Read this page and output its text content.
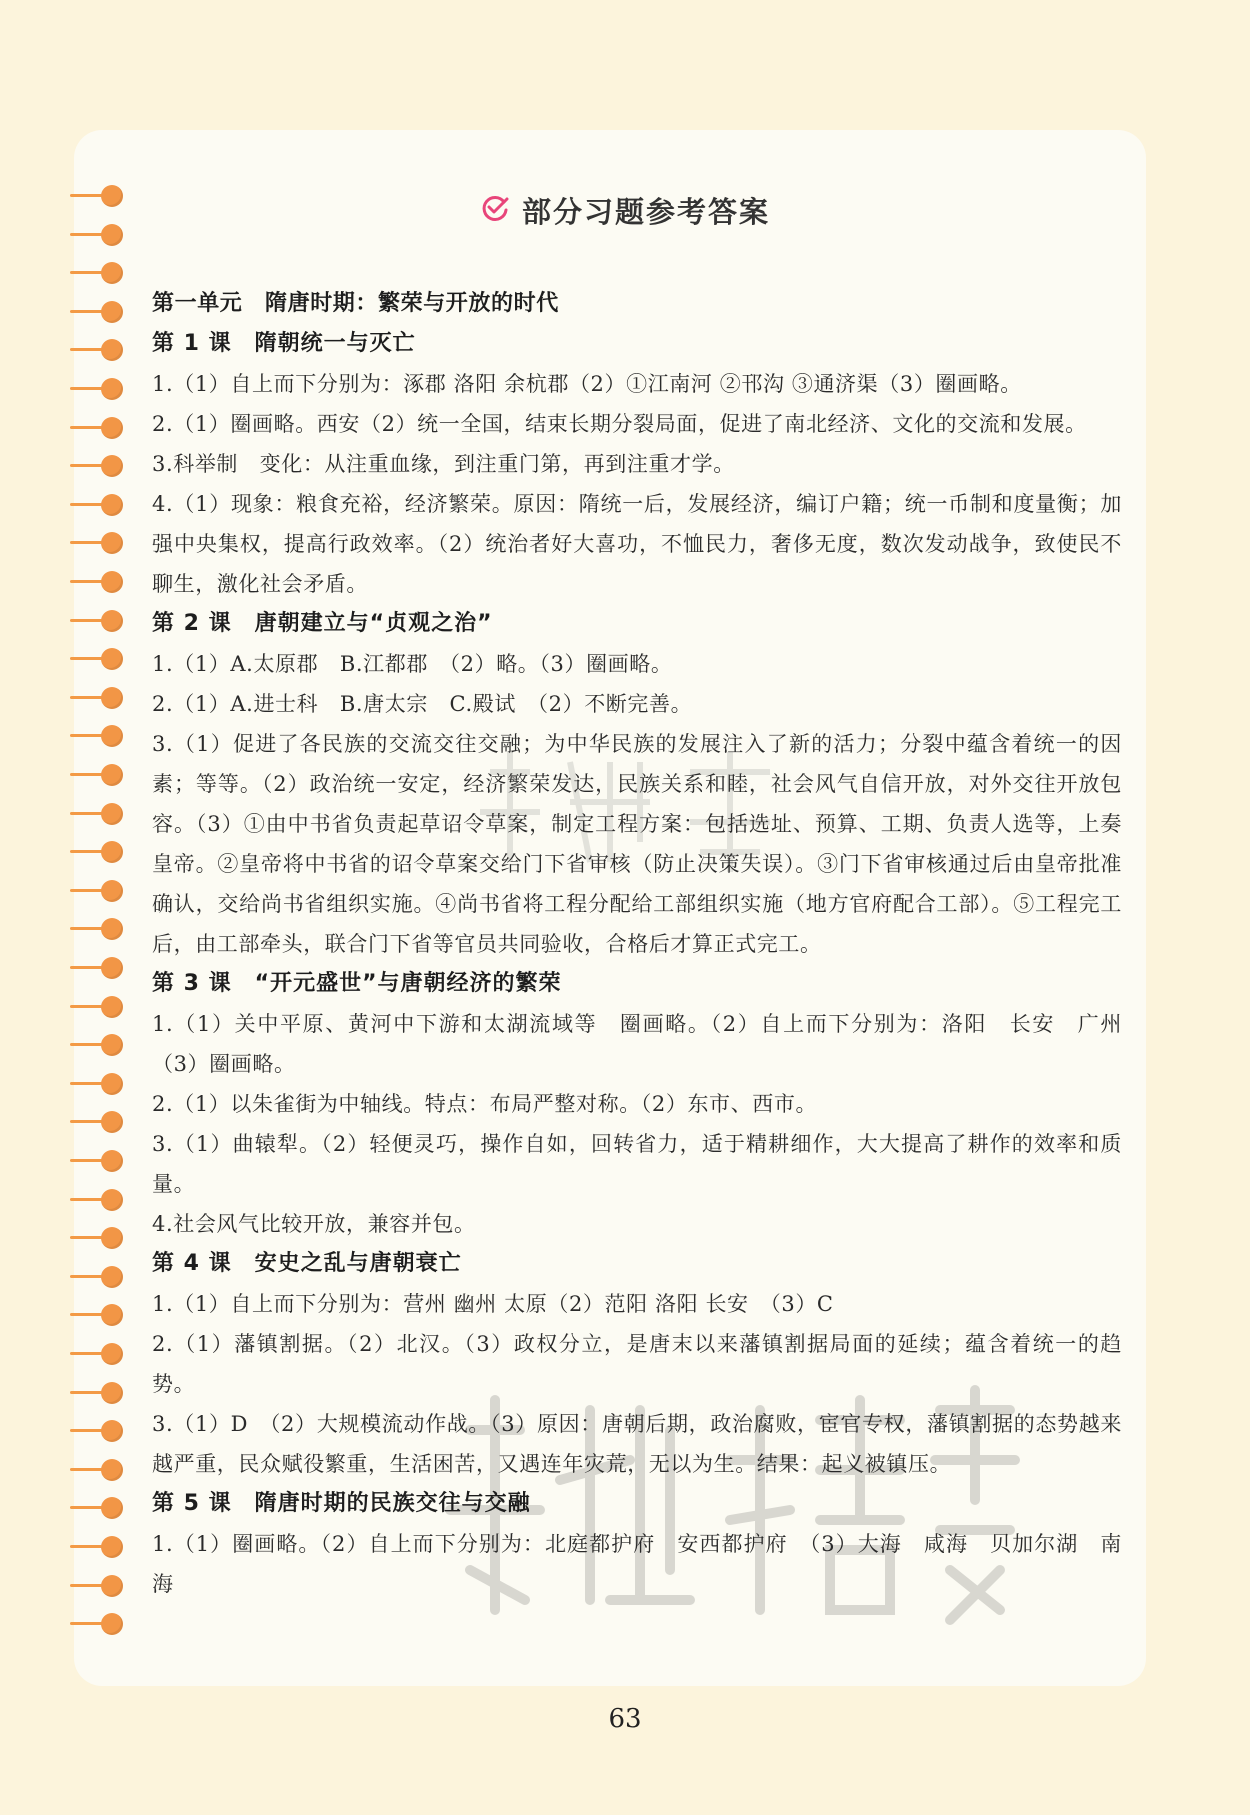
部分习题参考答案

第一单元　隋唐时期：繁荣与开放的时代

第 1 课　隋朝统一与灭亡

1.（1）自上而下分别为：涿郡 洛阳 余杭郡（2）①江南河 ②邗沟 ③通济渠（3）圈画略。

2.（1）圈画略。西安（2）统一全国，结束长期分裂局面，促进了南北经济、文化的交流和发展。

3.科举制　变化：从注重血缘，到注重门第，再到注重才学。

4.（1）现象：粮食充裕，经济繁荣。原因：隋统一后，发展经济，编订户籍；统一币制和度量衡；加强中央集权，提高行政效率。（2）统治者好大喜功，不恤民力，奢侈无度，数次发动战争，致使民不聊生，激化社会矛盾。

第 2 课　唐朝建立与“贞观之治”

1.（1）A.太原郡　B.江都郡　（2）略。（3）圈画略。

2.（1）A.进士科　B.唐太宗　C.殿试　（2）不断完善。

3.（1）促进了各民族的交流交往交融；为中华民族的发展注入了新的活力；分裂中蕴含着统一的因素；等等。（2）政治统一安定，经济繁荣发达，民族关系和睦，社会风气自信开放，对外交往开放包容。（3）①由中书省负责起草诏令草案，制定工程方案：包括选址、预算、工期、负责人选等，上奏皇帝。②皇帝将中书省的诏令草案交给门下省审核（防止决策失误）。③门下省审核通过后由皇帝批准确认，交给尚书省组织实施。④尚书省将工程分配给工部组织实施（地方官府配合工部）。⑤工程完工后，由工部牵头，联合门下省等官员共同验收，合格后才算正式完工。

第 3 课　“开元盛世”与唐朝经济的繁荣

1.（1）关中平原、黄河中下游和太湖流域等　圈画略。（2）自上而下分别为：洛阳　长安　广州（3）圈画略。

2.（1）以朱雀街为中轴线。特点：布局严整对称。（2）东市、西市。

3.（1）曲辕犁。（2）轻便灵巧，操作自如，回转省力，适于精耕细作，大大提高了耕作的效率和质量。

4.社会风气比较开放，兼容并包。

第 4 课　安史之乱与唐朝衰亡

1.（1）自上而下分别为：营州 幽州 太原（2）范阳 洛阳 长安　（3）C

2.（1）藩镇割据。（2）北汉。（3）政权分立，是唐末以来藩镇割据局面的延续；蕴含着统一的趋势。

3.（1）D　（2）大规模流动作战。（3）原因：唐朝后期，政治腐败，宦官专权，藩镇割据的态势越来越严重，民众赋役繁重，生活困苦，又遇连年灾荒，无以为生。结果：起义被镇压。

第 5 课　隋唐时期的民族交往与交融

1.（1）圈画略。（2）自上而下分别为：北庭都护府　安西都护府　（3）大海　咸海　贝加尔湖　南海

63
